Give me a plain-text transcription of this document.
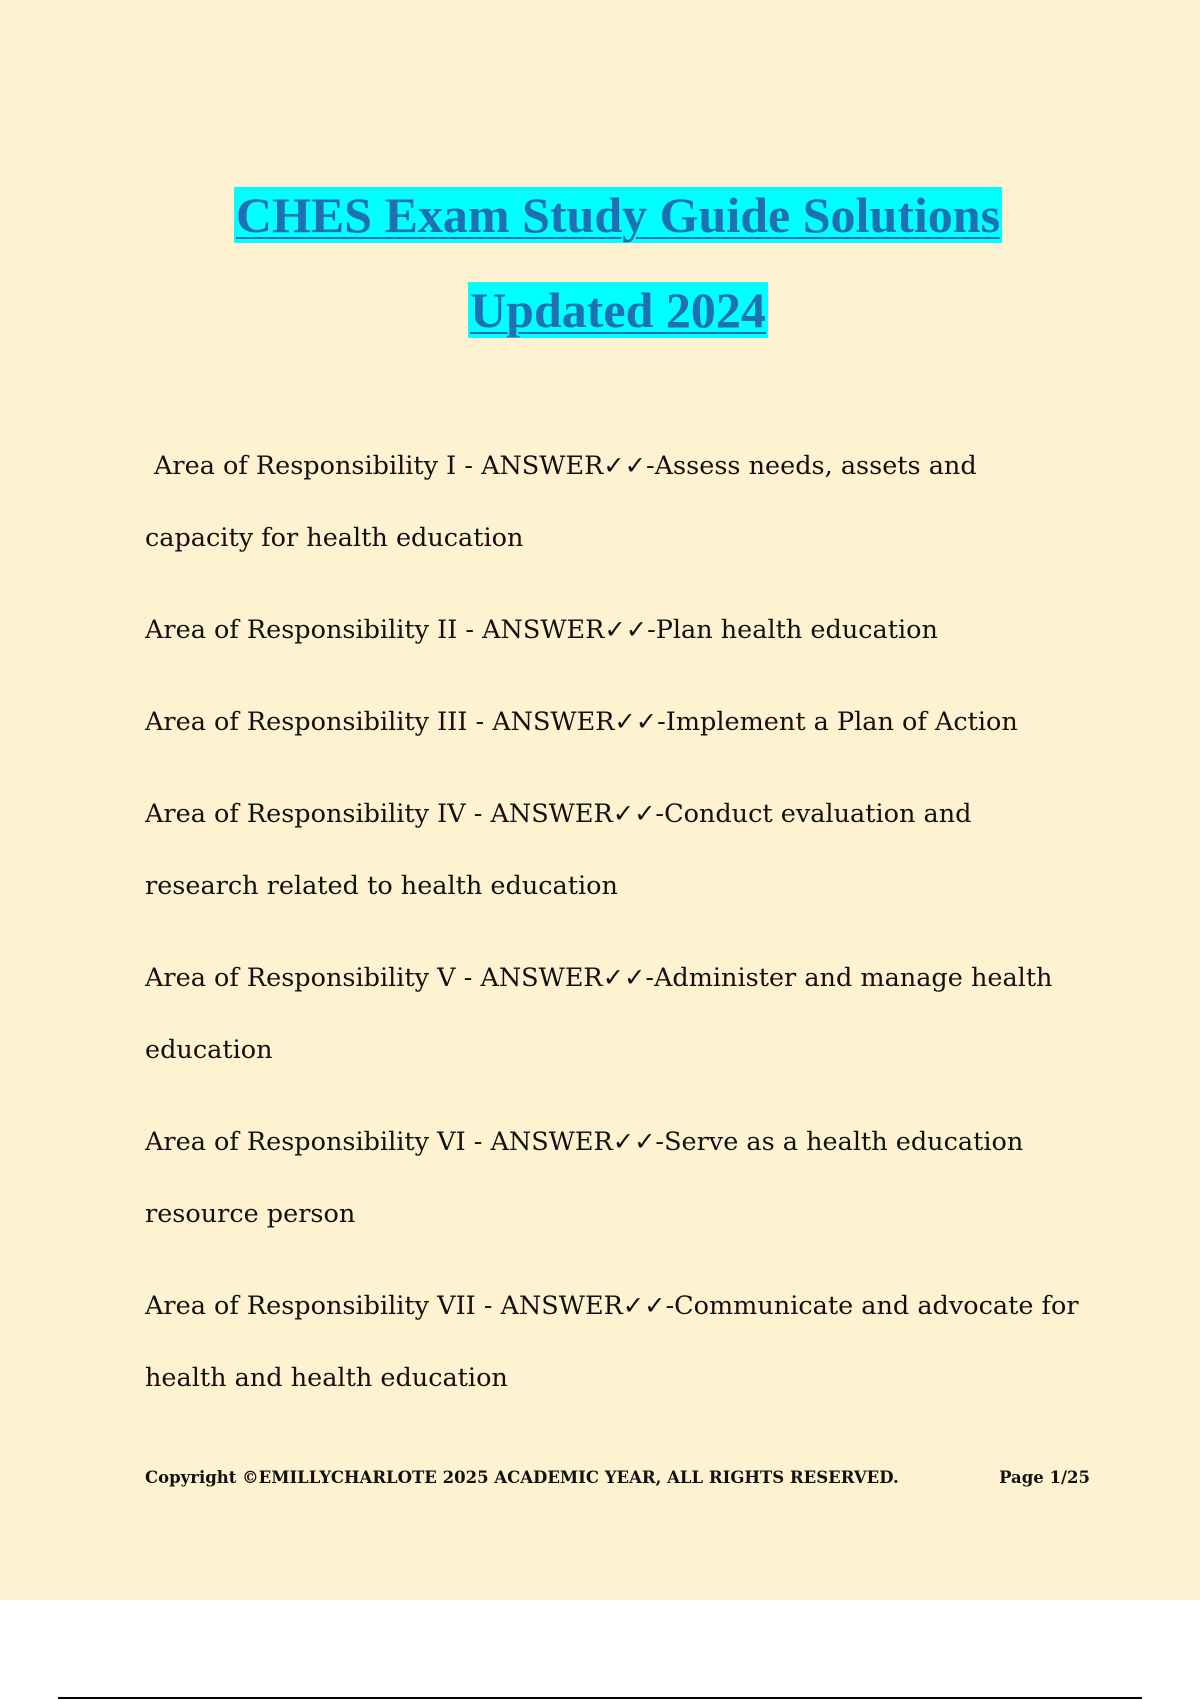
CHES Exam Study Guide Solutions
Updated 2024

Area of Responsibility I - ANSWER✓✓-Assess needs, assets and capacity for health education

Area of Responsibility II - ANSWER✓✓-Plan health education

Area of Responsibility III - ANSWER✓✓-Implement a Plan of Action

Area of Responsibility IV - ANSWER✓✓-Conduct evaluation and research related to health education

Area of Responsibility V - ANSWER✓✓-Administer and manage health education

Area of Responsibility VI - ANSWER✓✓-Serve as a health education resource person

Area of Responsibility VII - ANSWER✓✓-Communicate and advocate for health and health education

Copyright ©EMILLYCHARLOTE 2025 ACADEMIC YEAR, ALL RIGHTS RESERVED.	Page 1/25
